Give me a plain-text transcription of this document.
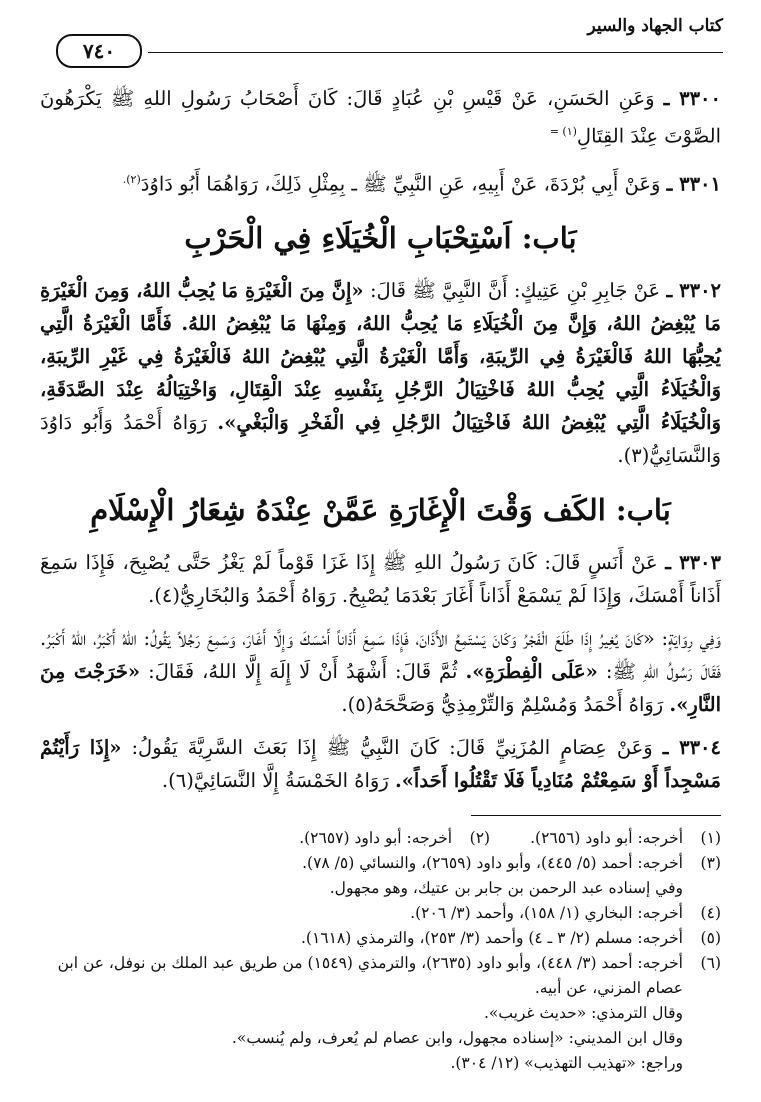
كتاب الجهاد والسير
٧٤٠

٣٣٠٠ ـ وَعَنِ الحَسَنِ، عَنْ قَيْسِ بْنِ عُبَادٍ قَالَ: كَانَ أَصْحَابُ رَسُولِ اللهِ ﷺ يَكْرَهُونَ الصَّوْتَ عِنْدَ القِتَالِ$^{(١) =}$

٣٣٠١ ـ وَعَنْ أَبِي بُرْدَةَ، عَنْ أَبِيهِ، عَنِ النَّبِيِّ ﷺ ـ بِمِثْلِ ذَلِكَ، رَوَاهُمَا أَبُو دَاوُدَ$^{(٢).}$

بَاب: اَسْتِحْبَابِ الْخُيَلَاءِ فِي الْحَرْبِ

٣٣٠٢ ـ عَنْ جَابِرِ بْنِ عَتِيكٍ: أَنَّ النَّبِيَّ ﷺ قَالَ: «إِنَّ مِنَ الْغَيْرَةِ مَا يُحِبُّ اللهُ، وَمِنَ الْغَيْرَةِ مَا يُبْغِضُ اللهُ، وَإِنَّ مِنَ الْخُيَلَاءِ مَا يُحِبُّ اللهُ، وَمِنْهَا مَا يُبْغِضُ اللهُ. فَأَمَّا الْغَيْرَةُ الَّتِي يُحِبُّهَا اللهُ فَالْغَيْرَةُ فِي الرِّيبَةِ، وَأَمَّا الْغَيْرَةُ الَّتِي يُبْغِضُ اللهُ فَالْغَيْرَةُ فِي غَيْرِ الرِّيبَةِ، وَالْخُيَلَاءُ الَّتِي يُحِبُّ اللهُ فَاخْتِيَالُ الرَّجُلِ بِنَفْسِهِ عِنْدَ الْقِتَالِ، وَاخْتِيَالُهُ عِنْدَ الصَّدَقَةِ، وَالْخُيَلَاءُ الَّتِي يُبْغِضُ اللهُ فَاخْتِيَالُ الرَّجُلِ فِي الْفَخْرِ وَالْبَغْيِ». رَوَاهُ أَحْمَدُ وَأَبُو دَاوُدَ وَالنَّسَائِيُّ(٣).

بَاب: الكَف وَقْتَ الْإِغَارَةِ عَمَّنْ عِنْدَهُ شِعَارُ الْإِسْلَامِ

٣٣٠٣ ـ عَنْ أَنَسٍ قَالَ: كَانَ رَسُولُ اللهِ ﷺ إِذَا غَزَا قَوْماً لَمْ يَغْزُ حَتَّى يُصْبِحَ، فَإِذَا سَمِعَ أَذَاناً أَمْسَكَ، وَإِذَا لَمْ يَسْمَعْ أَذَاناً أَغَارَ بَعْدَمَا يُصْبِحُ. رَوَاهُ أَحْمَدُ وَالبُخَارِيُّ(٤).

وَفِي رِوَايَةٍ: «كَانَ يُغِيرُ إِذَا طَلَعَ الْفَجْرُ وَكَانَ يَسْتَمِعُ الأَذَانَ، فَإِذَا سَمِعَ أَذَاناً أَمْسَكَ وَإِلَّا أَغَارَ، وَسَمِعَ رَجُلاً يَقُولُ: اللهُ أَكْبَرُ، اللهُ أَكْبَرُ. فَقَالَ رَسُولُ اللهِ ﷺ: «عَلَى الْفِطْرَةِ». ثُمَّ قَالَ: أَشْهَدُ أَنْ لَا إِلَهَ إِلَّا اللهُ، فَقَالَ: «خَرَجْتَ مِنَ النَّارِ». رَوَاهُ أَحْمَدُ وَمُسْلِمٌ وَالتِّرْمِذِيُّ وَصَحَّحَهُ(٥).

٣٣٠٤ ـ وَعَنْ عِصَامٍ المُزَنِيِّ قَالَ: كَانَ النَّبِيُّ ﷺ إِذَا بَعَثَ السَّرِيَّةَ يَقُولُ: «إِذَا رَأَيْتُمْ مَسْجِداً أَوْ سَمِعْتُمْ مُنَادِياً فَلَا تَقْتُلُوا أَحَداً». رَوَاهُ الخَمْسَةُ إِلَّا النَّسَائِيَّ(٦).

(١)
أخرجه: أبو داود (٢٦٥٦).
(٢)
أخرجه: أبو داود (٢٦٥٧).
(٣)
أخرجه: أحمد (٥/ ٤٤٥)، وأبو داود (٢٦٥٩)، والنسائي (٥/ ٧٨).
وفي إسناده عبد الرحمن بن جابر بن عتيك، وهو مجهول.
(٤)
أخرجه: البخاري (١/ ١٥٨)، وأحمد (٣/ ٢٠٦).
(٥)
أخرجه: مسلم (٢/ ٣ ـ ٤) وأحمد (٣/ ٢٥٣)، والترمذي (١٦١٨).
(٦)
أخرجه: أحمد (٣/ ٤٤٨)، وأبو داود (٢٦٣٥)، والترمذي (١٥٤٩) من طريق عبد الملك بن نوفل، عن ابن عصام المزني، عن أبيه.
وقال الترمذي: «حديث غريب».
وقال ابن المديني: «إسناده مجهول، وابن عصام لم يُعرف، ولم يُنسب».
وراجع: «تهذيب التهذيب» (١٢/ ٣٠٤).
